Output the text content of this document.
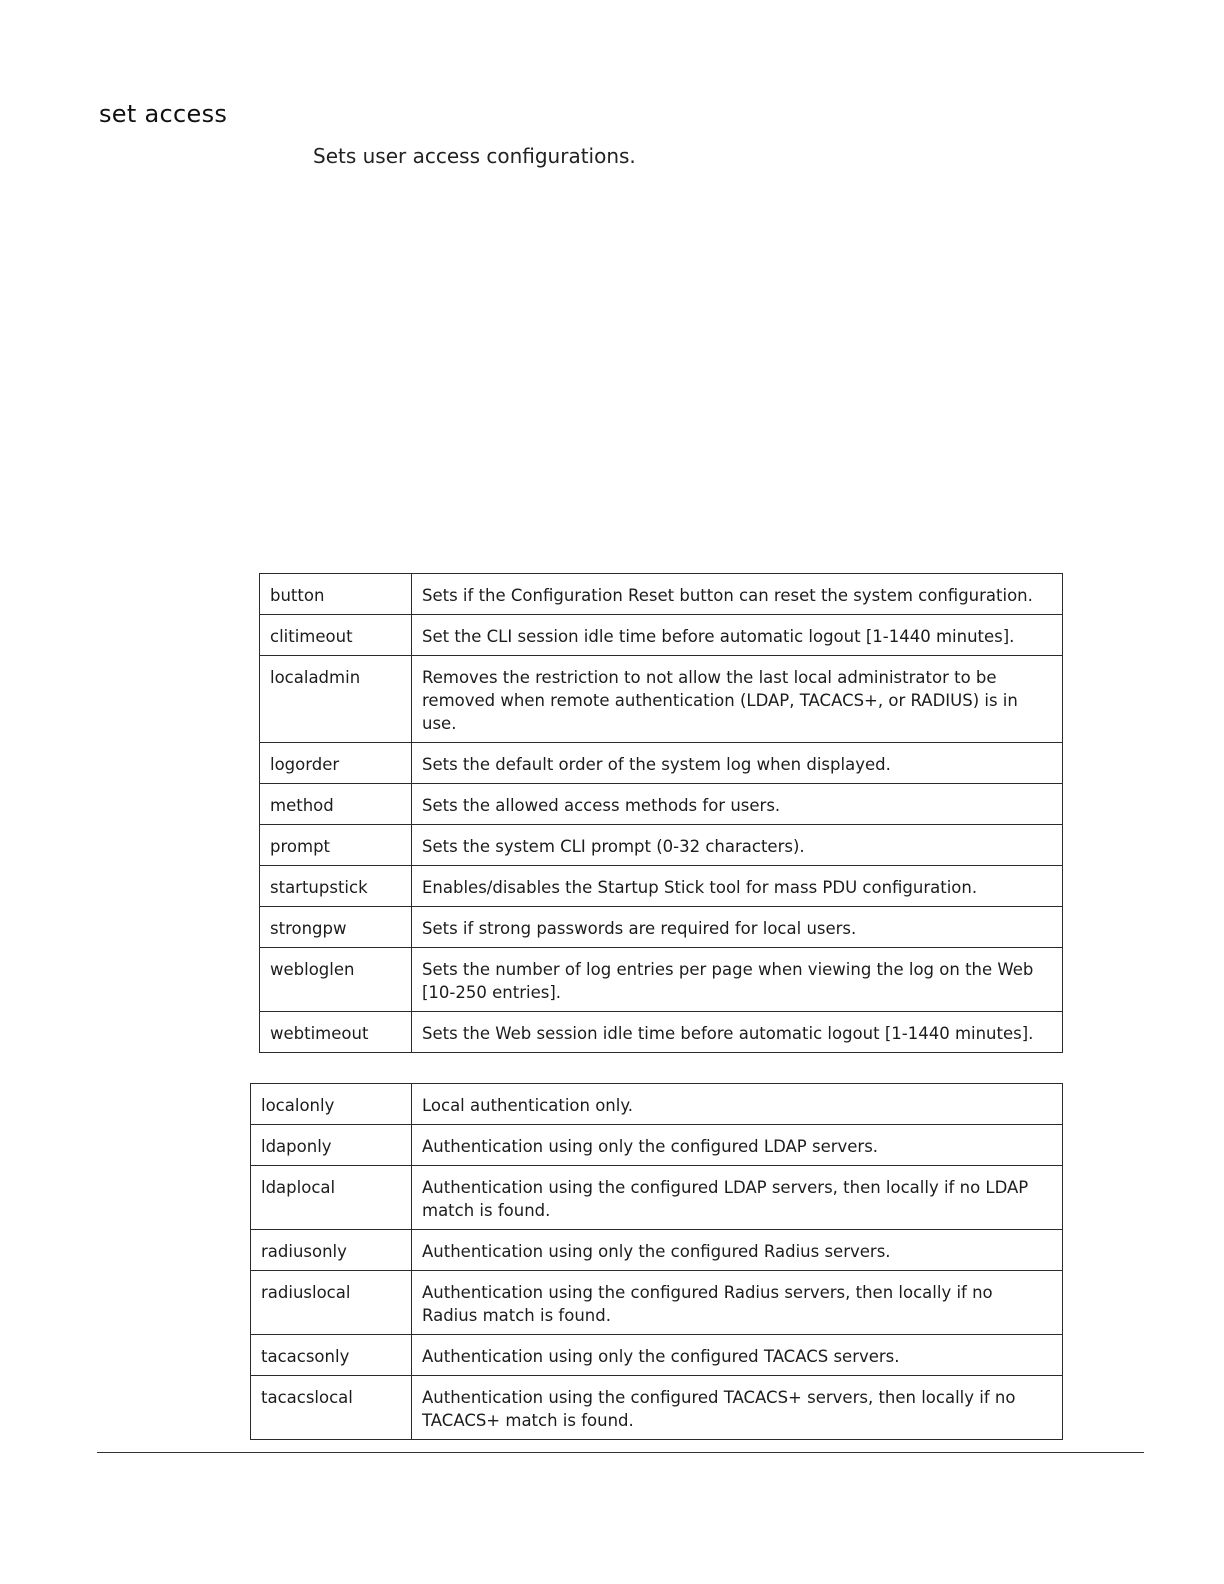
set access
Sets user access configurations.
button	Sets if the Configuration Reset button can reset the system configuration.
clitimeout	Set the CLI session idle time before automatic logout [1-1440 minutes].
localadmin	Removes the restriction to not allow the last local administrator to be removed when remote authentication (LDAP, TACACS+, or RADIUS) is in use.
logorder	Sets the default order of the system log when displayed.
method	Sets the allowed access methods for users.
prompt	Sets the system CLI prompt (0-32 characters).
startupstick	Enables/disables the Startup Stick tool for mass PDU configuration.
strongpw	Sets if strong passwords are required for local users.
webloglen	Sets the number of log entries per page when viewing the log on the Web [10-250 entries].
webtimeout	Sets the Web session idle time before automatic logout [1-1440 minutes].
localonly	Local authentication only.
ldaponly	Authentication using only the configured LDAP servers.
ldaplocal	Authentication using the configured LDAP servers, then locally if no LDAP match is found.
radiusonly	Authentication using only the configured Radius servers.
radiuslocal	Authentication using the configured Radius servers, then locally if no Radius match is found.
tacacsonly	Authentication using only the configured TACACS servers.
tacacslocal	Authentication using the configured TACACS+ servers, then locally if no TACACS+ match is found.
